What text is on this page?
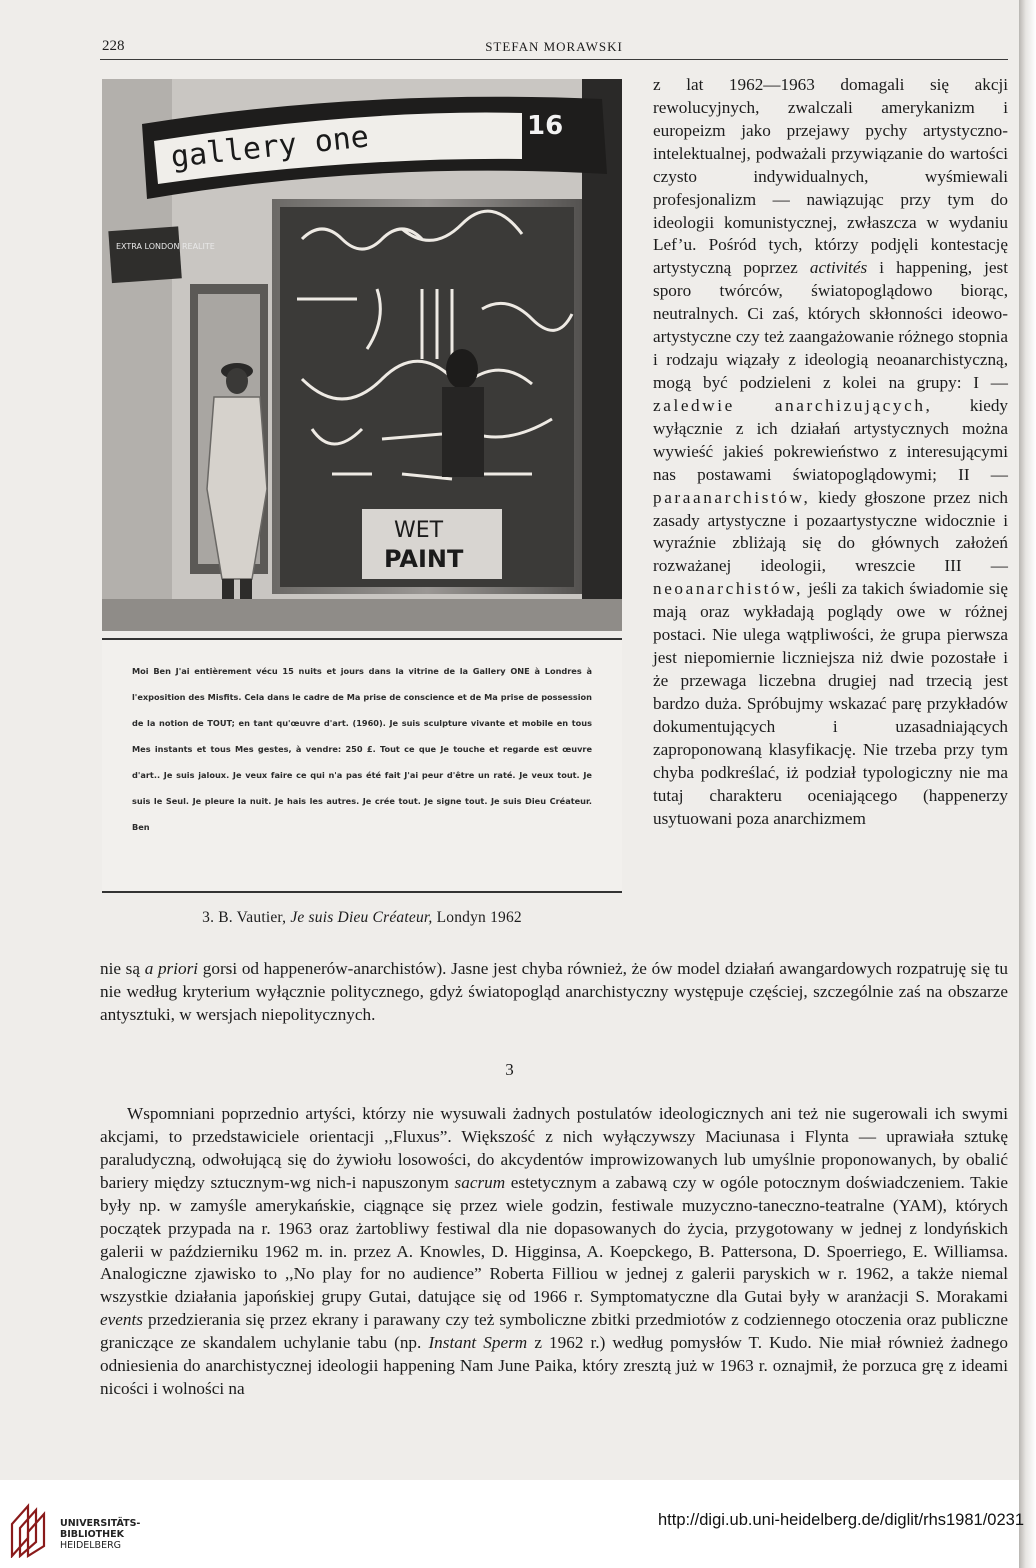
228	STEFAN MORAWSKI
gallery one	16
EXTRA LONDON REALITE
WET
PAINT
Moi Ben J'ai entièrement vécu 15 nuits et jours dans la vitrine de la Gallery ONE à Londres à l'exposition des Misfits. Cela dans le cadre de Ma prise de conscience et de Ma prise de possession de la notion de TOUT; en tant qu'œuvre d'art. (1960). Je suis sculpture vivante et mobile en tous Mes instants et tous Mes gestes, à vendre: 250 £. Tout ce que Je touche et regarde est œuvre d'art.. Je suis jaloux. Je veux faire ce qui n'a pas été fait J'ai peur d'être un raté. Je veux tout. Je suis le Seul. Je pleure la nuit. Je hais les autres. Je crée tout. Je signe tout. Je suis Dieu Créateur. Ben
3. B. Vautier, Je suis Dieu Créateur, Londyn 1962

z lat 1962—1963 domagali się akcji rewolucyjnych, zwalczali amerykanizm i europeizm jako przejawy pychy artystyczno-intelektualnej, podważali przywiązanie do wartości czysto indywidualnych, wyśmiewali profesjonalizm — nawiązując przy tym do ideologii komunistycznej, zwłaszcza w wydaniu Lef’u. Pośród tych, którzy podjęli kontestację artystyczną poprzez activités i happening, jest sporo twórców, światopoglądowo biorąc, neutralnych. Ci zaś, których skłonności ideowo-artystyczne czy też zaangażowanie różnego stopnia i rodzaju wiązały z ideologią neoanarchistyczną, mogą być podzieleni z kolei na grupy: I — zaledwie anarchizujących, kiedy wyłącznie z ich działań artystycznych można wywieść jakieś pokrewieństwo z interesującymi nas postawami światopoglądowymi; II — paraanarchistów, kiedy głoszone przez nich zasady artystyczne i pozaartystyczne widocznie i wyraźnie zbliżają się do głównych założeń rozważanej ideologii, wreszcie III — neoanarchistów, jeśli za takich świadomie się mają oraz wykładają poglądy owe w różnej postaci. Nie ulega wątpliwości, że grupa pierwsza jest niepomiernie liczniejsza niż dwie pozostałe i że przewaga liczebna drugiej nad trzecią jest bardzo duża. Spróbujmy wskazać parę przykładów dokumentujących i uzasadniających zaproponowaną klasyfikację. Nie trzeba przy tym chyba podkreślać, iż podział typologiczny nie ma tutaj charakteru oceniającego (happenerzy usytuowani poza anarchizmem

nie są a priori gorsi od happenerów-anarchistów). Jasne jest chyba również, że ów model działań awangardowych rozpatruję się tu nie według kryterium wyłącznie politycznego, gdyż światopogląd anarchistyczny występuje częściej, szczególnie zaś na obszarze antysztuki, w wersjach niepolitycznych.

3

Wspomniani poprzednio artyści, którzy nie wysuwali żadnych postulatów ideologicznych ani też nie sugerowali ich swymi akcjami, to przedstawiciele orientacji ,,Fluxus”. Większość z nich wyłączywszy Maciunasa i Flynta — uprawiała sztukę paraludyczną, odwołującą się do żywiołu losowości, do akcydentów improwizowanych lub umyślnie proponowanych, by obalić bariery między sztucznym-wg nich-i napuszonym sacrum estetycznym a zabawą czy w ogóle potocznym doświadczeniem. Takie były np. w zamyśle amerykańskie, ciągnące się przez wiele godzin, festiwale muzyczno-taneczno-teatralne (YAM), których początek przypada na r. 1963 oraz żartobliwy festiwal dla nie dopasowanych do życia, przygotowany w jednej z londyńskich galerii w październiku 1962 m. in. przez A. Knowles, D. Higginsa, A. Koepckego, B. Pattersona, D. Spoerriego, E. Williamsa. Analogiczne zjawisko to ,,No play for no audience” Roberta Filliou w jednej z galerii paryskich w r. 1962, a także niemal wszystkie działania japońskiej grupy Gutai, datujące się od 1966 r. Symptomatyczne dla Gutai były w aranżacji S. Morakami events przedzierania się przez ekrany i parawany czy też symboliczne zbitki przedmiotów z codziennego otoczenia oraz publiczne graniczące ze skandalem uchylanie tabu (np. Instant Sperm z 1962 r.) według pomysłów T. Kudo. Nie miał również żadnego odniesienia do anarchistycznej ideologii happening Nam June Paika, który zresztą już w 1963 r. oznajmił, że porzuca grę z ideami nicości i wolności na

UNIVERSITÄTS-
BIBLIOTHEK
HEIDELBERG
http://digi.ub.uni-heidelberg.de/diglit/rhs1981/0231
